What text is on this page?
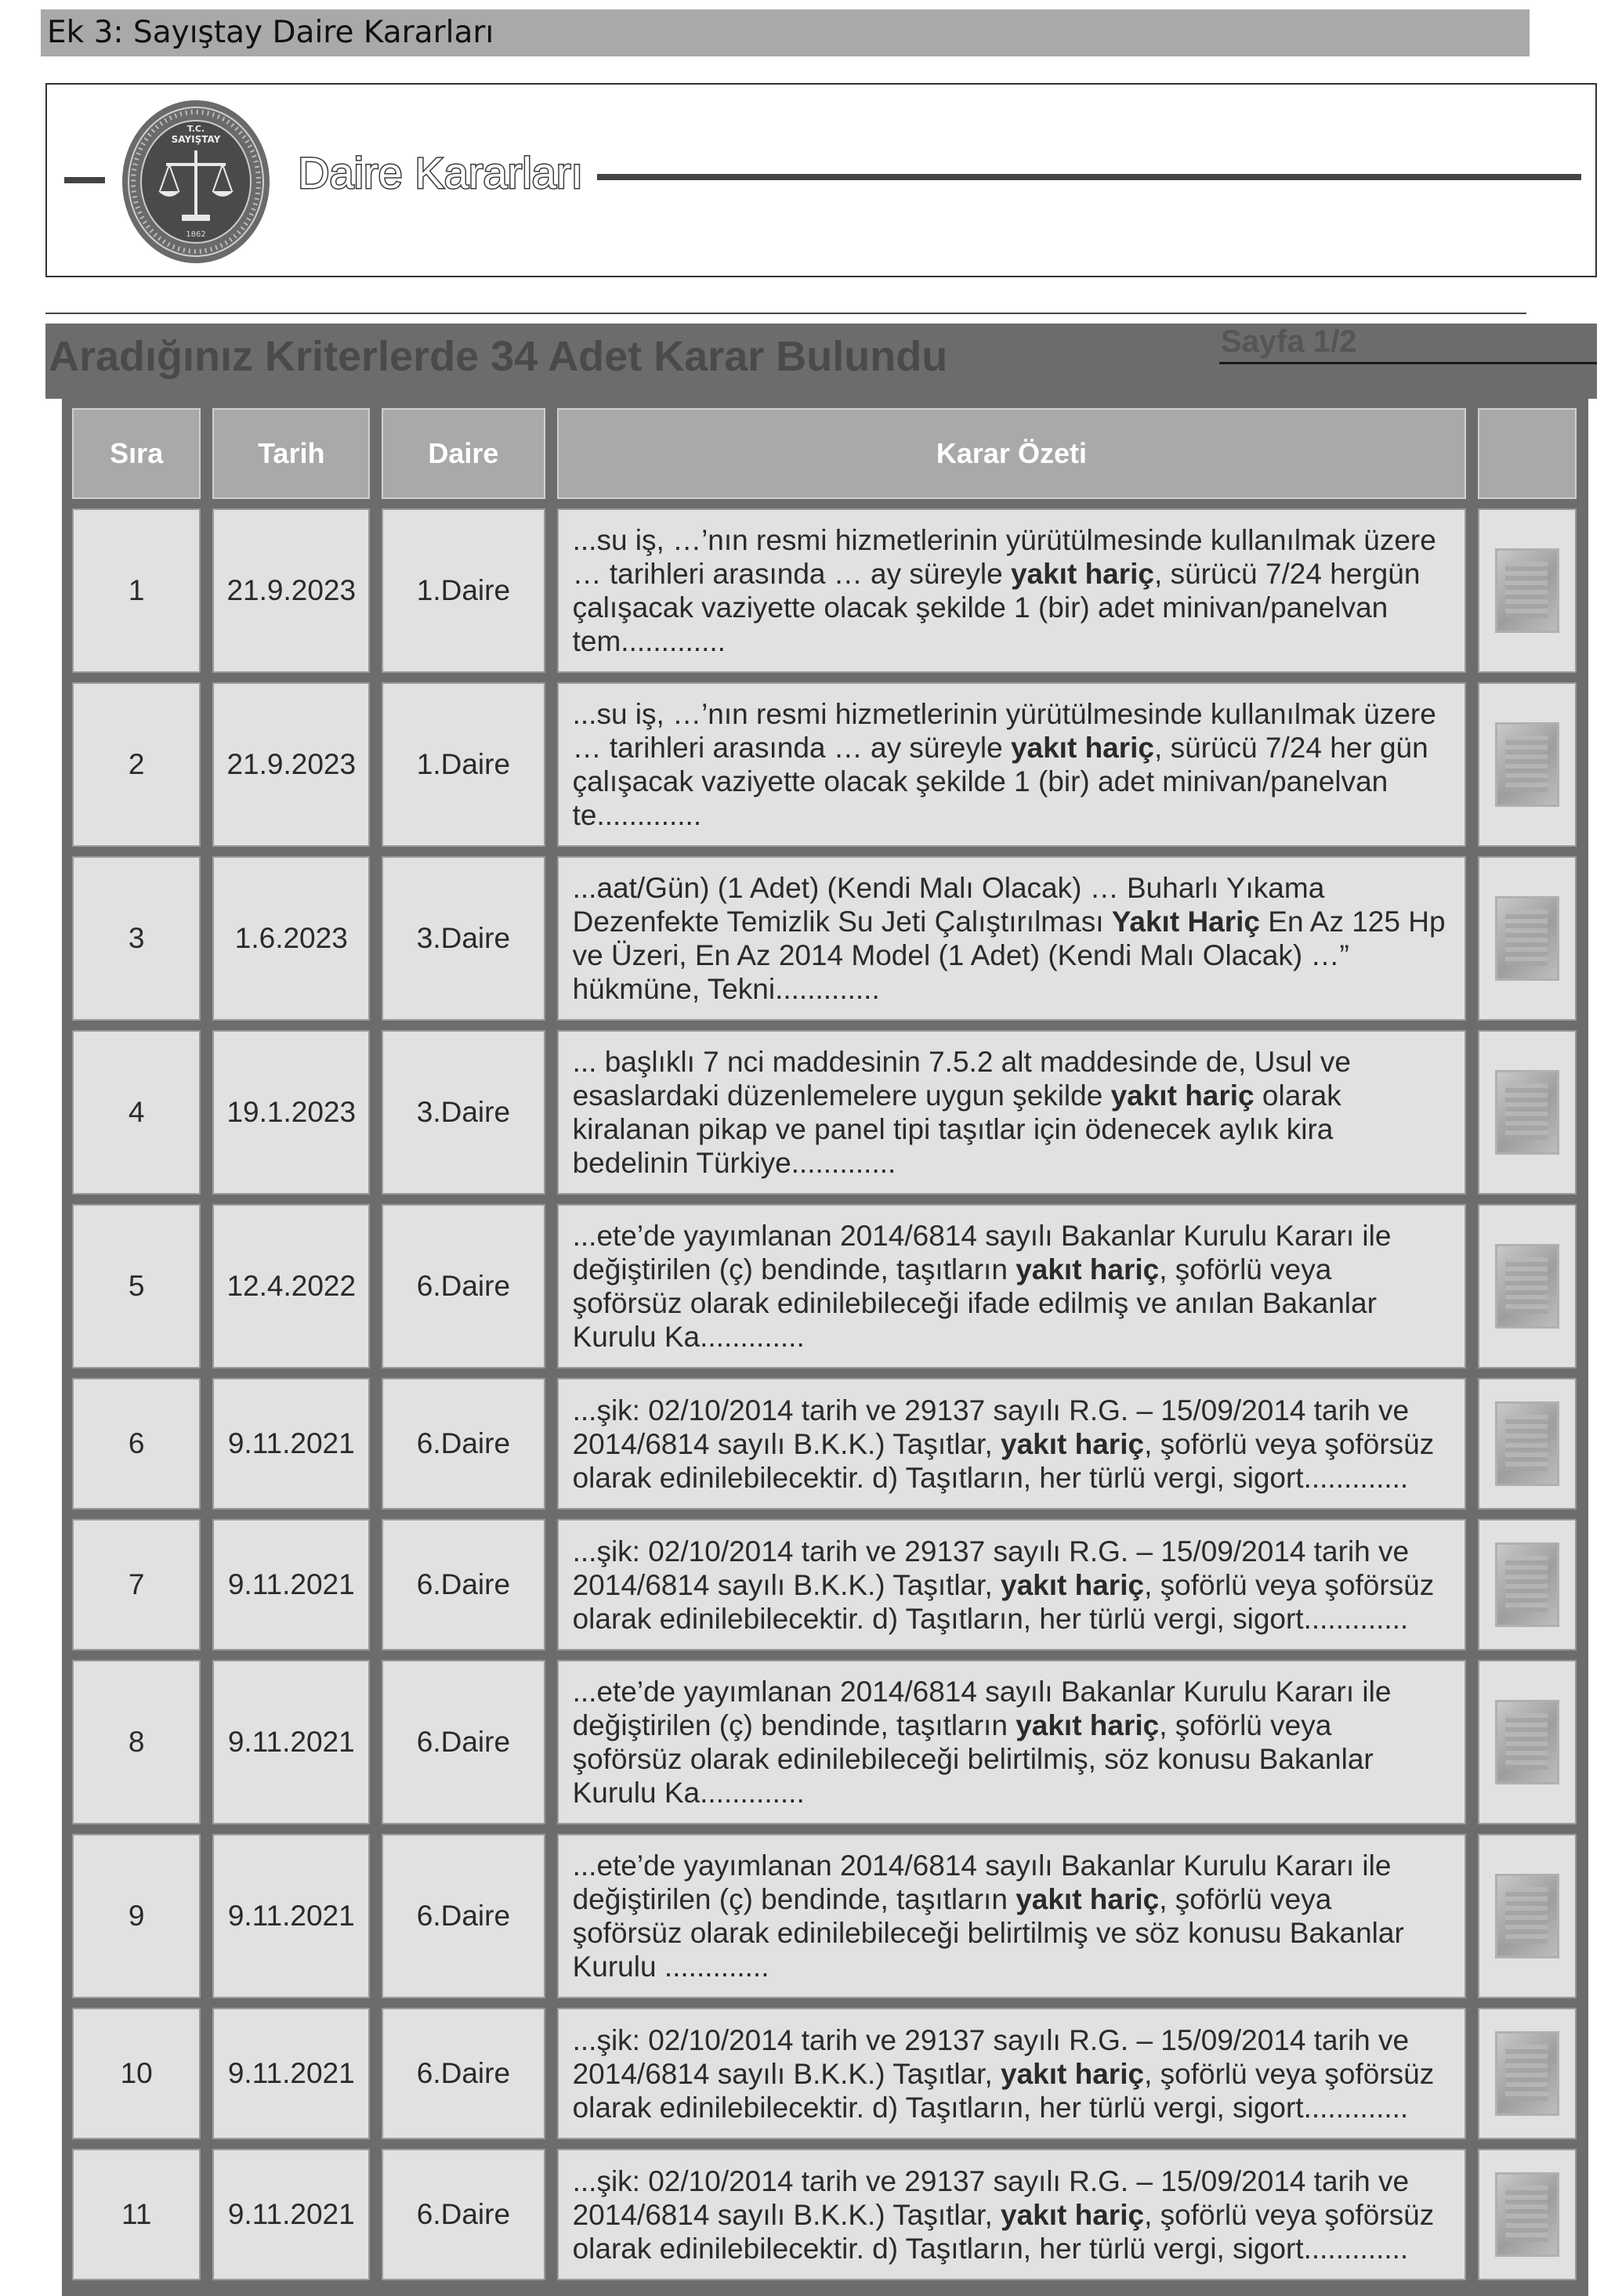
Ek 3: Sayıştay Daire Kararları
T.C.
SAYIŞTAY
1862
Daire Kararları
Aradığınız Kriterlerde 34 Adet Karar Bulundu	Sayfa 1/2
Sıra	Tarih	Daire	Karar Özeti	
1	21.9.2023	1.Daire	...su iş, …’nın resmi hizmetlerinin yürütülmesinde kullanılmak üzere … tarihleri arasında … ay süreyle yakıt hariç, sürücü 7/24 hergün çalışacak vaziyette olacak şekilde 1 (bir) adet minivan/panelvan tem.............	

2	21.9.2023	1.Daire	...su iş, …’nın resmi hizmetlerinin yürütülmesinde kullanılmak üzere … tarihleri arasında … ay süreyle yakıt hariç, sürücü 7/24 her gün çalışacak vaziyette olacak şekilde 1 (bir) adet minivan/panelvan te.............	

3	1.6.2023	3.Daire	...aat/Gün) (1 Adet) (Kendi Malı Olacak) … Buharlı Yıkama Dezenfekte Temizlik Su Jeti Çalıştırılması Yakıt Hariç En Az 125 Hp ve Üzeri, En Az 2014 Model (1 Adet) (Kendi Malı Olacak) …” hükmüne, Tekni.............	

4	19.1.2023	3.Daire	... başlıklı 7 nci maddesinin 7.5.2 alt maddesinde de, Usul ve esaslardaki düzenlemelere uygun şekilde yakıt hariç olarak kiralanan pikap ve panel tipi taşıtlar için ödenecek aylık kira bedelinin Türkiye.............	

5	12.4.2022	6.Daire	...ete’de yayımlanan 2014/6814 sayılı Bakanlar Kurulu Kararı ile değiştirilen (ç) bendinde, taşıtların yakıt hariç, şoförlü veya şoförsüz olarak edinilebileceği ifade edilmiş ve anılan Bakanlar Kurulu Ka.............	

6	9.11.2021	6.Daire	...şik: 02/10/2014 tarih ve 29137 sayılı R.G. – 15/09/2014 tarih ve 2014/6814 sayılı B.K.K.) Taşıtlar, yakıt hariç, şoförlü veya şoförsüz olarak edinilebilecektir. d) Taşıtların, her türlü vergi, sigort.............	

7	9.11.2021	6.Daire	...şik: 02/10/2014 tarih ve 29137 sayılı R.G. – 15/09/2014 tarih ve 2014/6814 sayılı B.K.K.) Taşıtlar, yakıt hariç, şoförlü veya şoförsüz olarak edinilebilecektir. d) Taşıtların, her türlü vergi, sigort.............	

8	9.11.2021	6.Daire	...ete’de yayımlanan 2014/6814 sayılı Bakanlar Kurulu Kararı ile değiştirilen (ç) bendinde, taşıtların yakıt hariç, şoförlü veya şoförsüz olarak edinilebileceği belirtilmiş, söz konusu Bakanlar Kurulu Ka.............	

9	9.11.2021	6.Daire	...ete’de yayımlanan 2014/6814 sayılı Bakanlar Kurulu Kararı ile değiştirilen (ç) bendinde, taşıtların yakıt hariç, şoförlü veya şoförsüz olarak edinilebileceği belirtilmiş ve söz konusu Bakanlar Kurulu .............	

10	9.11.2021	6.Daire	...şik: 02/10/2014 tarih ve 29137 sayılı R.G. – 15/09/2014 tarih ve 2014/6814 sayılı B.K.K.) Taşıtlar, yakıt hariç, şoförlü veya şoförsüz olarak edinilebilecektir. d) Taşıtların, her türlü vergi, sigort.............	

11	9.11.2021	6.Daire	...şik: 02/10/2014 tarih ve 29137 sayılı R.G. – 15/09/2014 tarih ve 2014/6814 sayılı B.K.K.) Taşıtlar, yakıt hariç, şoförlü veya şoförsüz olarak edinilebilecektir. d) Taşıtların, her türlü vergi, sigort.............	
